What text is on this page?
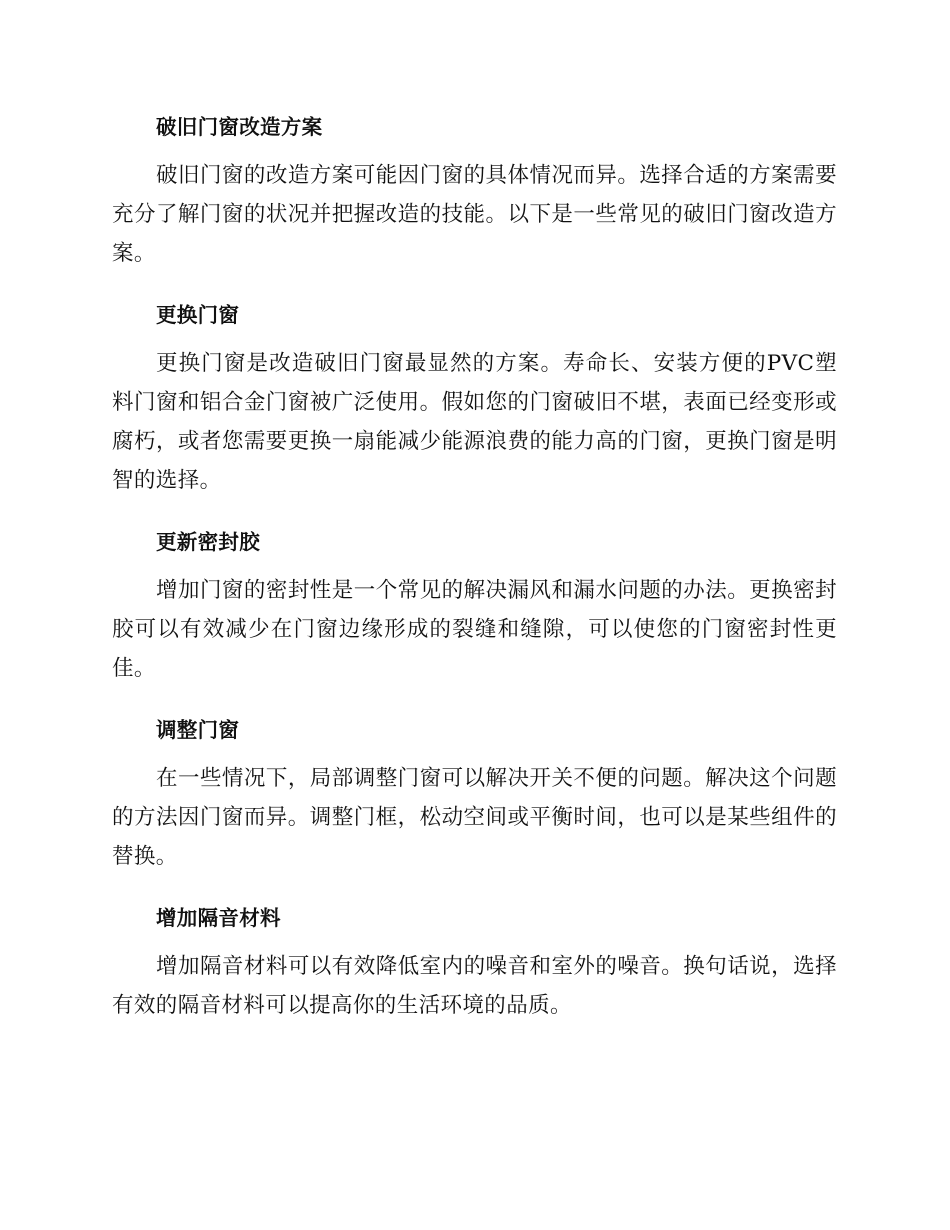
破旧门窗改造方案

破旧门窗的改造方案可能因门窗的具体情况而异。选择合适的方案需要充分了解门窗的状况并把握改造的技能。以下是一些常见的破旧门窗改造方案。

更换门窗

更换门窗是改造破旧门窗最显然的方案。寿命长、安装方便的PVC塑料门窗和铝合金门窗被广泛使用。假如您的门窗破旧不堪，表面已经变形或腐朽，或者您需要更换一扇能减少能源浪费的能力高的门窗，更换门窗是明智的选择。

更新密封胶

增加门窗的密封性是一个常见的解决漏风和漏水问题的办法。更换密封胶可以有效减少在门窗边缘形成的裂缝和缝隙，可以使您的门窗密封性更佳。

调整门窗

在一些情况下，局部调整门窗可以解决开关不便的问题。解决这个问题的方法因门窗而异。调整门框，松动空间或平衡时间，也可以是某些组件的替换。

增加隔音材料

增加隔音材料可以有效降低室内的噪音和室外的噪音。换句话说，选择有效的隔音材料可以提高你的生活环境的品质。
